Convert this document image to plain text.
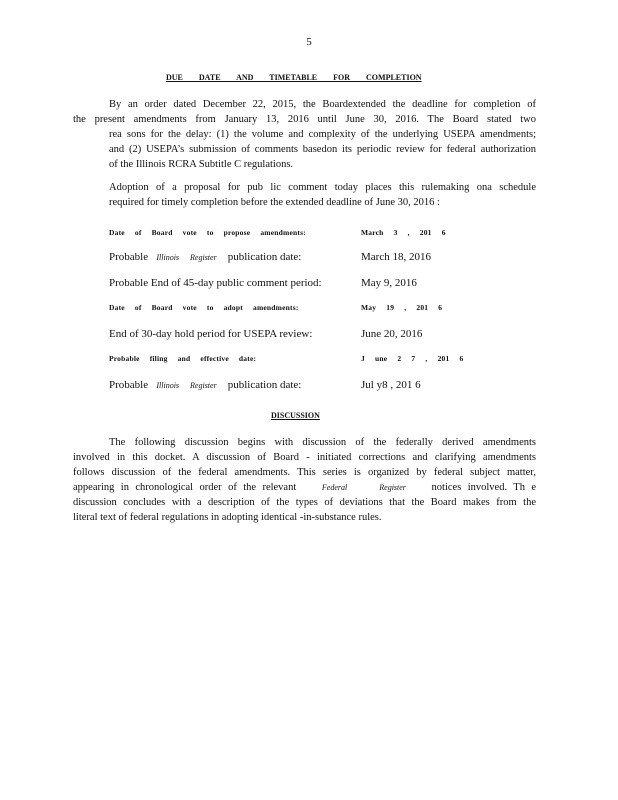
5
DUE DATE AND TIMETABLE FOR COMPLETION
By an order dated December 22, 2015, the Boardextended the deadline for completion of
the present amendments from January 13, 2016 until June 30, 2016. The Board stated two
rea sons for the delay: (1) the volume and complexity of the underlying USEPA amendments;
and (2) USEPA’s submission of comments basedon its periodic review for federal authorization
of the Illinois RCRA Subtitle C regulations.
Adoption of a proposal for pub lic comment today places this rulemaking ona schedule
required for timely completion before the extended deadline of June 30, 2016 :
Date of Board vote to propose amendments:	March 3 , 201 6
Probable Illinois Register publication date:	March 18, 2016
Probable End of 45-day public comment period:	May 9, 2016
Date of Board vote to adopt amendments:	May 19 , 201 6
End of 30-day hold period for USEPA review:	June 20, 2016
Probable filing and effective date:	J une 2 7 , 201 6
Probable Illinois Register publication date:	Jul y8 , 201 6
DISCUSSION
The following discussion begins with discussion of the federally derived amendments
involved in this docket. A discussion of Board - initiated corrections and clarifying amendments
follows discussion of the federal amendments. This series is organized by federal subject matter,
appearing in chronological order of the relevant	Federal	Register notices involved. Th e
discussion concludes with a description of the types of deviations that the Board makes from the
literal text of federal regulations in adopting identical -in-substance rules.
